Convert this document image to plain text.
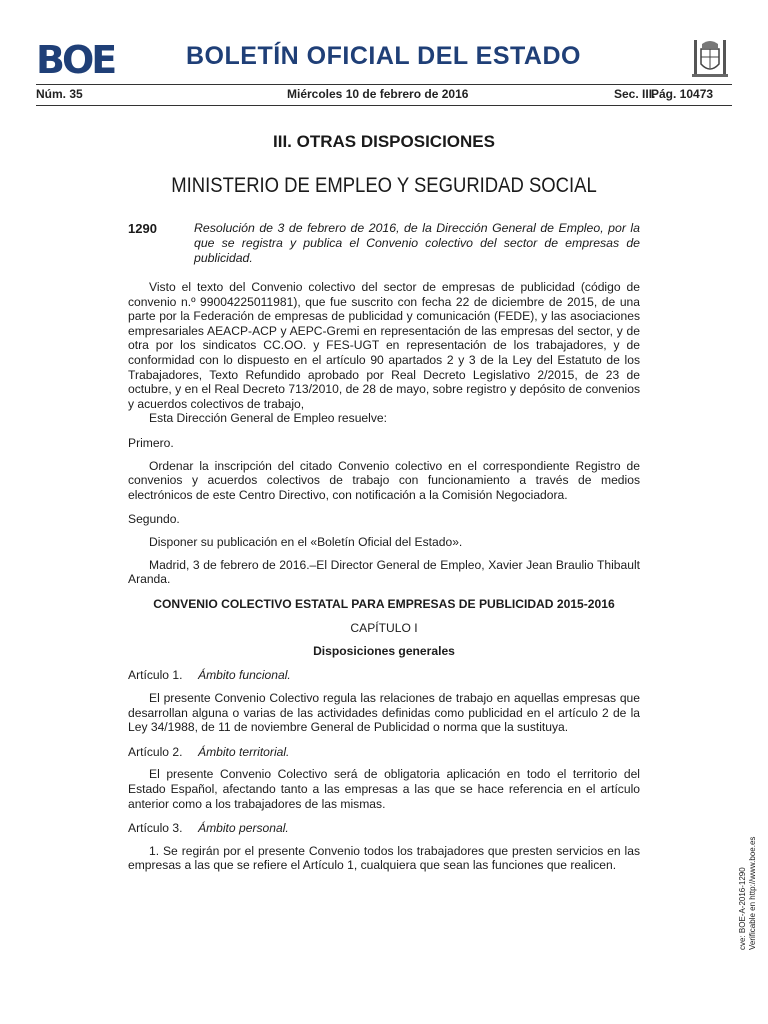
BOE	BOLETÍN OFICIAL DEL ESTADO
Núm. 35	Miércoles 10 de febrero de 2016	Sec. III.
Pág. 10473
III. OTRAS DISPOSICIONES
MINISTERIO DE EMPLEO Y SEGURIDAD SOCIAL
1290	Resolución de 3 de febrero de 2016, de la Dirección General de Empleo, por la que se registra y publica el Convenio colectivo del sector de empresas de publicidad.

Visto el texto del Convenio colectivo del sector de empresas de publicidad (código de convenio n.º 99004225011981), que fue suscrito con fecha 22 de diciembre de 2015, de una parte por la Federación de empresas de publicidad y comunicación (FEDE), y las asociaciones empresariales AEACP-ACP y AEPC-Gremi en representación de las empresas del sector, y de otra por los sindicatos CC.OO. y FES-UGT en representación de los trabajadores, y de conformidad con lo dispuesto en el artículo 90 apartados 2 y 3 de la Ley del Estatuto de los Trabajadores, Texto Refundido aprobado por Real Decreto Legislativo 2/2015, de 23 de octubre, y en el Real Decreto 713/2010, de 28 de mayo, sobre registro y depósito de convenios y acuerdos colectivos de trabajo,

Esta Dirección General de Empleo resuelve:

Primero.

Ordenar la inscripción del citado Convenio colectivo en el correspondiente Registro de convenios y acuerdos colectivos de trabajo con funcionamiento a través de medios electrónicos de este Centro Directivo, con notificación a la Comisión Negociadora.

Segundo.

Disponer su publicación en el «Boletín Oficial del Estado».

Madrid, 3 de febrero de 2016.–El Director General de Empleo, Xavier Jean Braulio Thibault Aranda.

CONVENIO COLECTIVO ESTATAL PARA EMPRESAS DE PUBLICIDAD 2015-2016

CAPÍTULO I

Disposiciones generales

Artículo 1. Ámbito funcional.

El presente Convenio Colectivo regula las relaciones de trabajo en aquellas empresas que desarrollan alguna o varias de las actividades definidas como publicidad en el artículo 2 de la Ley 34/1988, de 11 de noviembre General de Publicidad o norma que la sustituya.

Artículo 2. Ámbito territorial.

El presente Convenio Colectivo será de obligatoria aplicación en todo el territorio del Estado Español, afectando tanto a las empresas a las que se hace referencia en el artículo anterior como a los trabajadores de las mismas.

Artículo 3. Ámbito personal.

1. Se regirán por el presente Convenio todos los trabajadores que presten servicios en las empresas a las que se refiere el Artículo 1, cualquiera que sean las funciones que realicen.

cve: BOE-A-2016-1290 Verificable en http://www.boe.es
